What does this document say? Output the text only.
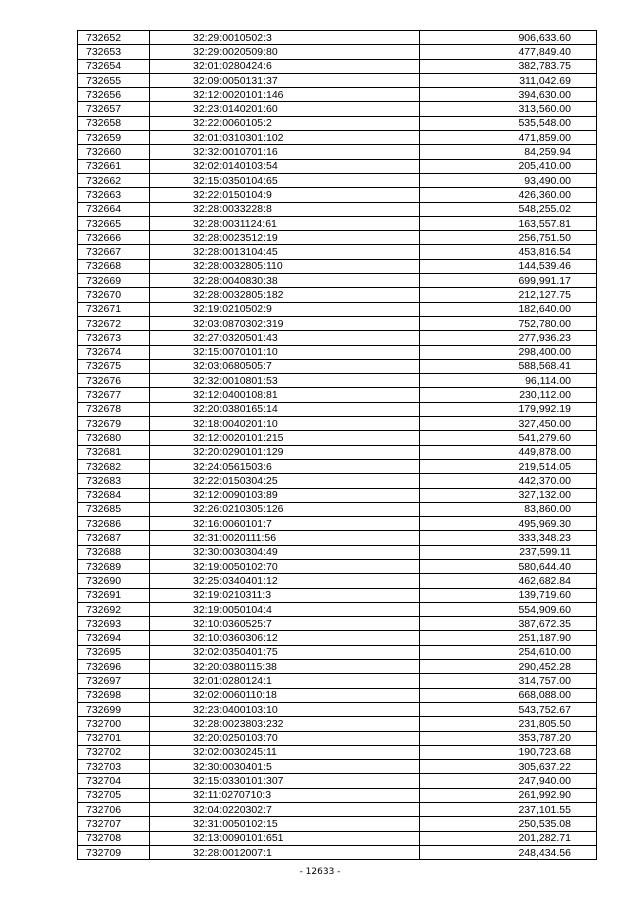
732652	32:29:0010502:3	906,633.60
732653	32:29:0020509:80	477,849.40
732654	32:01:0280424:6	382,783.75
732655	32:09:0050131:37	311,042.69
732656	32:12:0020101:146	394,630.00
732657	32:23:0140201:60	313,560.00
732658	32:22:0060105:2	535,548.00
732659	32:01:0310301:102	471,859.00
732660	32:32:0010701:16	84,259.94
732661	32:02:0140103:54	205,410.00
732662	32:15:0350104:65	93,490.00
732663	32:22:0150104:9	426,360.00
732664	32:28:0033228:8	548,255.02
732665	32:28:0031124:61	163,557.81
732666	32:28:0023512:19	256,751.50
732667	32:28:0013104:45	453,816.54
732668	32:28:0032805:110	144,539.46
732669	32:28:0040830:38	699,991.17
732670	32:28:0032805:182	212,127.75
732671	32:19:0210502:9	182,640.00
732672	32:03:0870302:319	752,780.00
732673	32:27:0320501:43	277,936.23
732674	32:15:0070101:10	298,400.00
732675	32:03:0680505:7	588,568.41
732676	32:32:0010801:53	96,114.00
732677	32:12:0400108:81	230,112.00
732678	32:20:0380165:14	179,992.19
732679	32:18:0040201:10	327,450.00
732680	32:12:0020101:215	541,279.60
732681	32:20:0290101:129	449,878.00
732682	32:24:0561503:6	219,514.05
732683	32:22:0150304:25	442,370.00
732684	32:12:0090103:89	327,132.00
732685	32:26:0210305:126	83,860.00
732686	32:16:0060101:7	495,969.30
732687	32:31:0020111:56	333,348.23
732688	32:30:0030304:49	237,599.11
732689	32:19:0050102:70	580,644.40
732690	32:25:0340401:12	462,682.84
732691	32:19:0210311:3	139,719.60
732692	32:19:0050104:4	554,909.60
732693	32:10:0360525:7	387,672.35
732694	32:10:0360306:12	251,187.90
732695	32:02:0350401:75	254,610.00
732696	32:20:0380115:38	290,452.28
732697	32:01:0280124:1	314,757.00
732698	32:02:0060110:18	668,088.00
732699	32:23:0400103:10	543,752.67
732700	32:28:0023803:232	231,805.50
732701	32:20:0250103:70	353,787.20
732702	32:02:0030245:11	190,723.68
732703	32:30:0030401:5	305,637.22
732704	32:15:0330101:307	247,940.00
732705	32:11:0270710:3	261,992.90
732706	32:04:0220302:7	237,101.55
732707	32:31:0050102:15	250,535.08
732708	32:13:0090101:651	201,282.71
732709	32:28:0012007:1	248,434.56
- 12633 -
